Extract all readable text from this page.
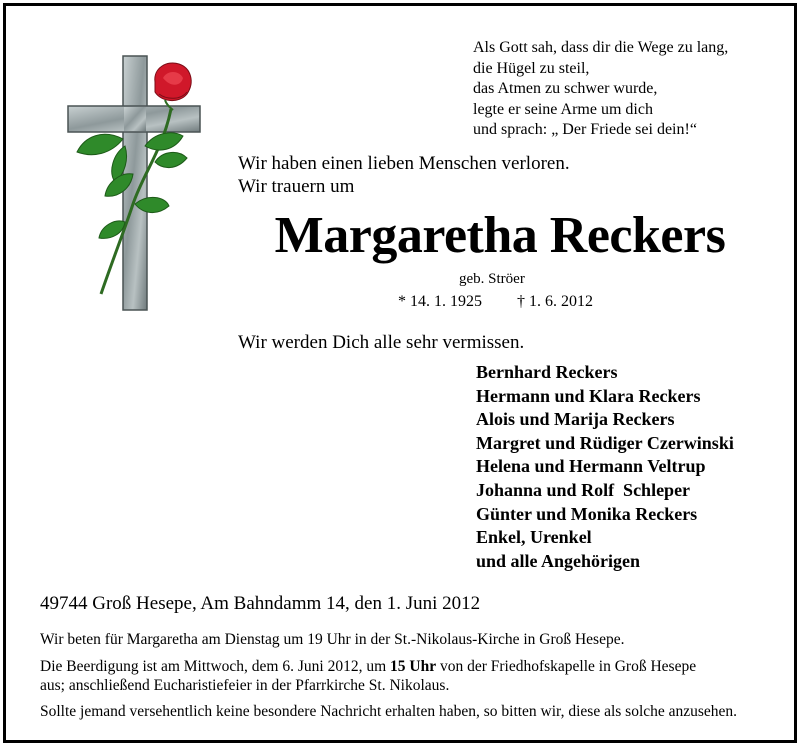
Als Gott sah, dass dir die Wege zu lang,
die Hügel zu steil,
das Atmen zu schwer wurde,
legte er seine Arme um dich
und sprach: „ Der Friede sei dein!“
Wir haben einen lieben Menschen verloren.
Wir trauern um
Margaretha Reckers
geb. Ströer
* 14. 1. 1925 † 1. 6. 2012
Wir werden Dich alle sehr vermissen.
Bernhard Reckers
Hermann und Klara Reckers
Alois und Marija Reckers
Margret und Rüdiger Czerwinski
Helena und Hermann Veltrup
Johanna und Rolf  Schleper
Günter und Monika Reckers
Enkel, Urenkel
und alle Angehörigen
49744 Groß Hesepe, Am Bahndamm 14, den 1. Juni 2012
Wir beten für Margaretha am Dienstag um 19 Uhr in der St.-Nikolaus-Kirche in Groß Hesepe.
Die Beerdigung ist am Mittwoch, dem 6. Juni 2012, um 15 Uhr von der Friedhofskapelle in Groß Hesepe
aus; anschließend Eucharistiefeier in der Pfarrkirche St. Nikolaus.
Sollte jemand versehentlich keine besondere Nachricht erhalten haben, so bitten wir, diese als solche anzusehen.
